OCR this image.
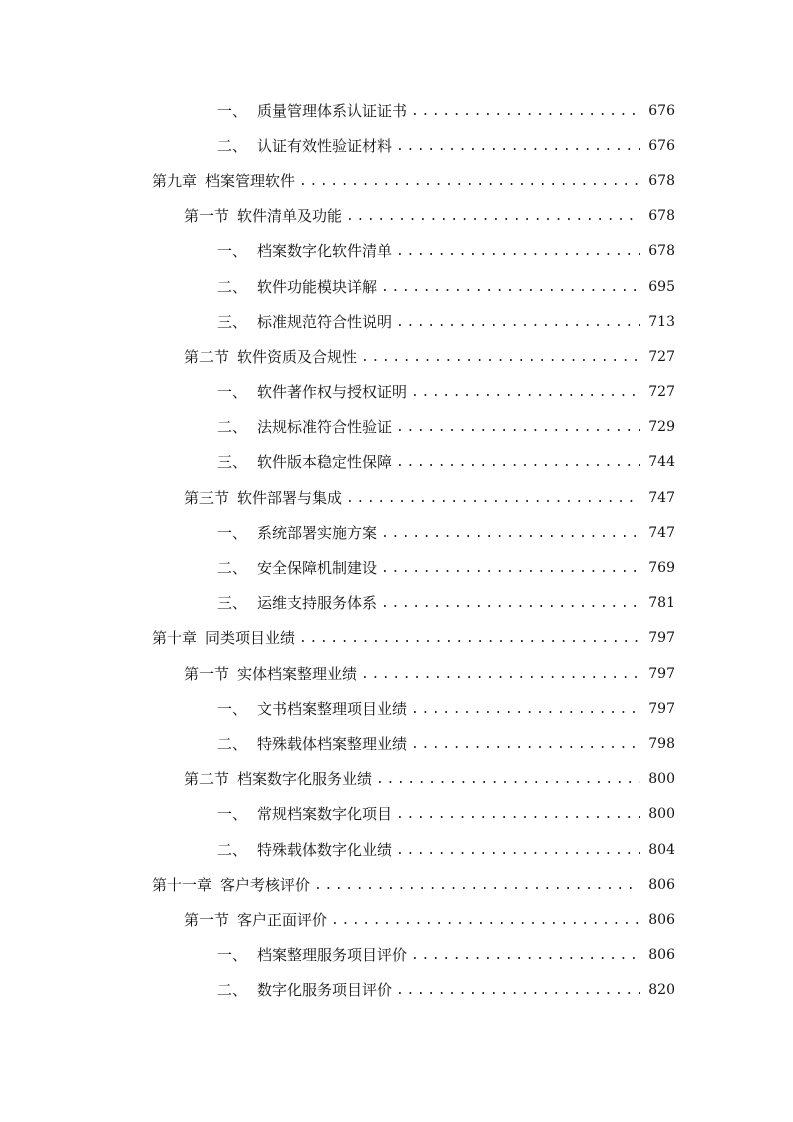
一、 质量管理体系认证证书 .....	676
二、 认证有效性验证材料 .....	676
第九章 档案管理软件 .....	678
第一节 软件清单及功能 .....	678
一、 档案数字化软件清单 .....	678
二、 软件功能模块详解 .....	695
三、 标准规范符合性说明 .....	713
第二节 软件资质及合规性 .....	727
一、 软件著作权与授权证明 .....	727
二、 法规标准符合性验证 .....	729
三、 软件版本稳定性保障 .....	744
第三节 软件部署与集成 .....	747
一、 系统部署实施方案 .....	747
二、 安全保障机制建设 .....	769
三、 运维支持服务体系 .....	781
第十章 同类项目业绩 .....	797
第一节 实体档案整理业绩 .....	797
一、 文书档案整理项目业绩 .....	797
二、 特殊载体档案整理业绩 .....	798
第二节 档案数字化服务业绩 .....	800
一、 常规档案数字化项目 .....	800
二、 特殊载体数字化业绩 .....	804
第十一章 客户考核评价 .....	806
第一节 客户正面评价 .....	806
一、 档案整理服务项目评价 .....	806
二、 数字化服务项目评价 .....	820
